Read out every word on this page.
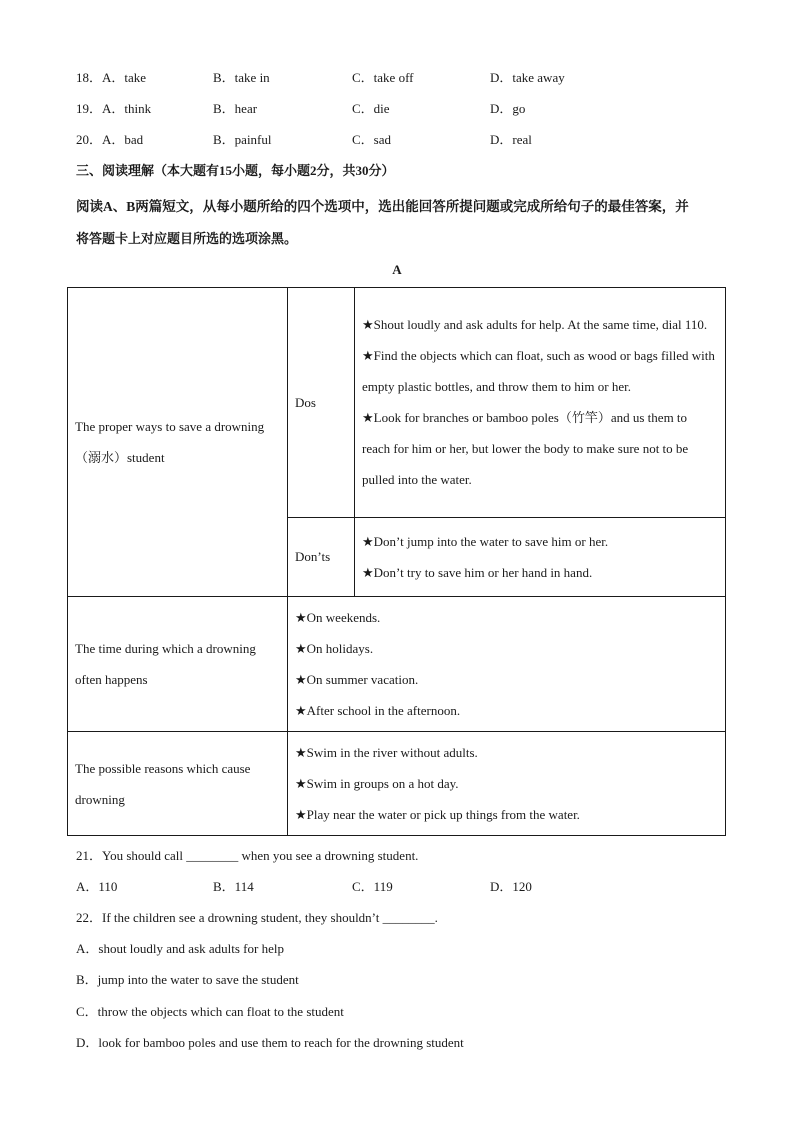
18．A．take	B．take in	C．take off	D．take away
19．A．think	B．hear	C．die	D．go
20．A．bad	B．painful	C．sad	D．real
三、阅读理解（本大题有15小题，每小题2分，共30分）
阅读A、B两篇短文，从每小题所给的四个选项中，选出能回答所提问题或完成所给句子的最佳答案，并
将答题卡上对应题目所选的选项涂黑。
A
The proper ways to save a drowning （溺水）student	Dos	★Shout loudly and ask adults for help. At the same time, dial 110.
★Find the objects which can float, such as wood or bags filled with empty plastic bottles, and throw them to him or her.
★Look for branches or bamboo poles（竹竿）and us them to reach for him or her, but lower the body to make sure not to be pulled into the water.

	Don’ts	★Don’t jump into the water to save him or her.
★Don’t try to save him or her hand in hand.

The time during which a drowning often happens	★On weekends.
★On holidays.
★On summer vacation.
★After school in the afternoon.	

The possible reasons which cause drowning	★Swim in the river without adults.
★Swim in groups on a hot day.
★Play near the water or pick up things from the water.	
21．You should call ________ when you see a drowning student.
A．110	B．114	C．119	D．120
22．If the children see a drowning student, they shouldn’t ________.
A．shout loudly and ask adults for help
B．jump into the water to save the student
C．throw the objects which can float to the student
D．look for bamboo poles and use them to reach for the drowning student
